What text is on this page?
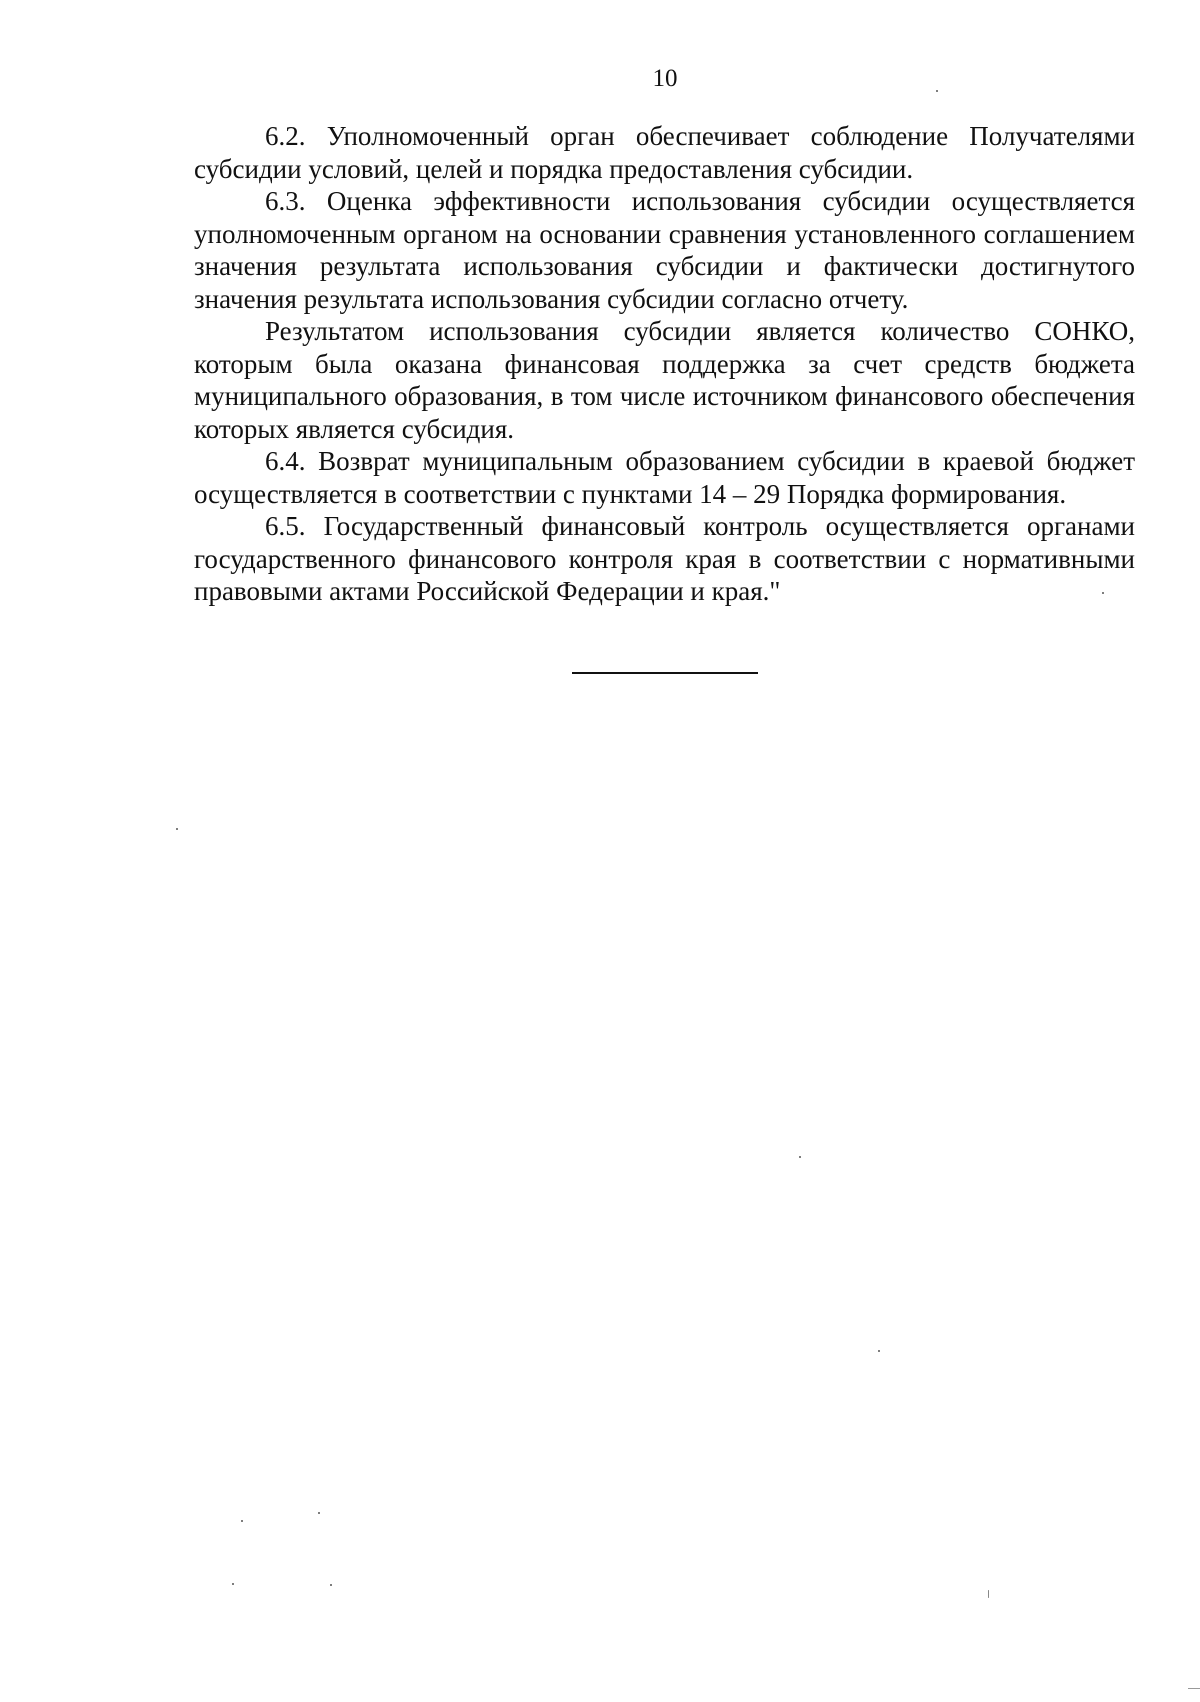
10

6.2. Уполномоченный орган обеспечивает соблюдение Получателями субсидии условий, целей и порядка предоставления субсидии.

6.3. Оценка эффективности использования субсидии осуществляется уполномоченным органом на основании сравнения установленного соглашением значения результата использования субсидии и фактически достигнутого значения результата использования субсидии согласно отчету.

Результатом использования субсидии является количество СОНКО, которым была оказана финансовая поддержка за счет средств бюджета муниципального образования, в том числе источником финансового обеспечения которых является субсидия.

6.4. Возврат муниципальным образованием субсидии в краевой бюджет осуществляется в соответствии с пунктами 14 – 29 Порядка формирования.

6.5. Государственный финансовый контроль осуществляется органами государственного финансового контроля края в соответствии с нормативными правовыми актами Российской Федерации и края."
